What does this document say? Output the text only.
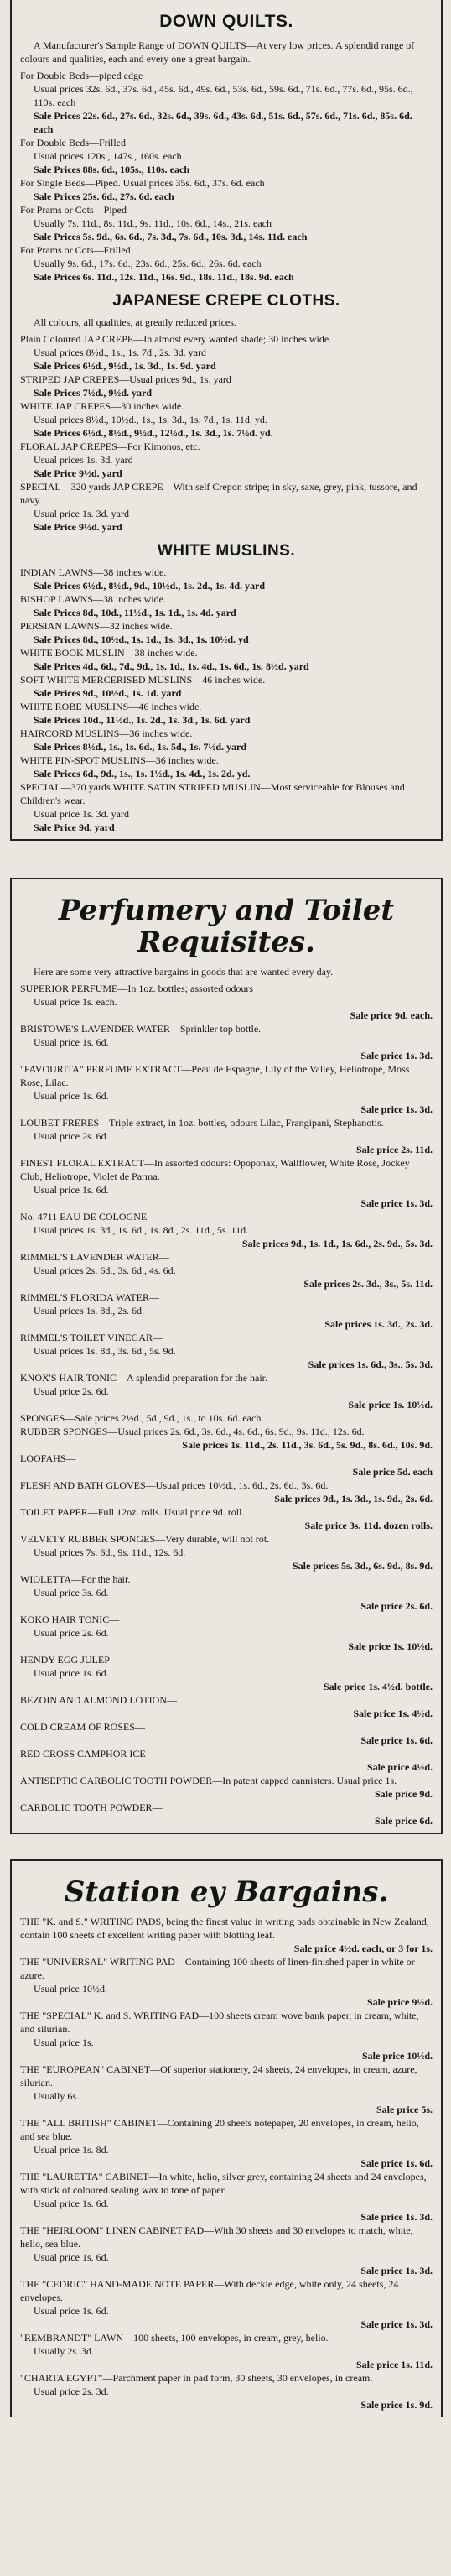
DOWN QUILTS.
A Manufacturer's Sample Range of DOWN QUILTS—At very low prices. A splendid range of colours and qualities, each and every one a great bargain.
For Double Beds—piped edge
Usual prices 32s. 6d., 37s. 6d., 45s. 6d., 49s. 6d., 53s. 6d., 59s. 6d., 71s. 6d., 77s. 6d., 95s. 6d., 110s. each
Sale Prices 22s. 6d., 27s. 6d., 32s. 6d., 39s. 6d., 43s. 6d., 51s. 6d., 57s. 6d., 71s. 6d., 85s. 6d. each
For Double Beds—Frilled
Usual prices 120s., 147s., 160s. each
Sale Prices 88s. 6d., 105s., 110s. each
For Single Beds—Piped. Usual prices 35s. 6d., 37s. 6d. each
Sale Prices 25s. 6d., 27s. 6d. each
For Prams or Cots—Piped
Usually 7s. 11d., 8s. 11d., 9s. 11d., 10s. 6d., 14s., 21s. each
Sale Prices 5s. 9d., 6s. 6d., 7s. 3d., 7s. 6d., 10s. 3d., 14s. 11d. each
For Prams or Cots—Frilled
Usually 9s. 6d., 17s. 6d., 23s. 6d., 25s. 6d., 26s. 6d. each
Sale Prices 6s. 11d., 12s. 11d., 16s. 9d., 18s. 11d., 18s. 9d. each
JAPANESE CREPE CLOTHS.
All colours, all qualities, at greatly reduced prices.
Plain Coloured JAP CREPE—In almost every wanted shade; 30 inches wide.
Usual prices 8½d., 1s., 1s. 7d., 2s. 3d. yard
Sale Prices 6½d., 9½d., 1s. 3d., 1s. 9d. yard
STRIPED JAP CREPES—Usual prices 9d., 1s. yard
Sale Prices 7½d., 9½d. yard
WHITE JAP CREPES—30 inches wide.
Usual prices 8½d., 10½d., 1s., 1s. 3d., 1s. 7d., 1s. 11d. yd.
Sale Prices 6½d., 8½d., 9½d., 12½d., 1s. 3d., 1s. 7½d. yd.
FLORAL JAP CREPES—For Kimonos, etc.
Usual prices 1s. 3d. yard
Sale Price 9½d. yard
SPECIAL—320 yards JAP CREPE—With self Crepon stripe; in sky, saxe, grey, pink, tussore, and navy.
Usual price 1s. 3d. yard
Sale Price 9½d. yard
WHITE MUSLINS.
INDIAN LAWNS—38 inches wide.
Sale Prices 6½d., 8½d., 9d., 10½d., 1s. 2d., 1s. 4d. yard
BISHOP LAWNS—38 inches wide.
Sale Prices 8d., 10d., 11½d., 1s. 1d., 1s. 4d. yard
PERSIAN LAWNS—32 inches wide.
Sale Prices 8d., 10½d., 1s. 1d., 1s. 3d., 1s. 10½d. yd
WHITE BOOK MUSLIN—38 inches wide.
Sale Prices 4d., 6d., 7d., 9d., 1s. 1d., 1s. 4d., 1s. 6d., 1s. 8½d. yard
SOFT WHITE MERCERISED MUSLINS—46 inches wide.
Sale Prices 9d., 10½d., 1s. 1d. yard
WHITE ROBE MUSLINS—46 inches wide.
Sale Prices 10d., 11½d., 1s. 2d., 1s. 3d., 1s. 6d. yard
HAIRCORD MUSLINS—36 inches wide.
Sale Prices 8½d., 1s., 1s. 6d., 1s. 5d., 1s. 7½d. yard
WHITE PIN-SPOT MUSLINS—36 inches wide.
Sale Prices 6d., 9d., 1s., 1s. 1½d., 1s. 4d., 1s. 2d. yd.
SPECIAL—370 yards WHITE SATIN STRIPED MUSLIN—Most serviceable for Blouses and Children's wear.
Usual price 1s. 3d. yard
Sale Price 9d. yard
Perfumery and Toilet Requisites.
Here are some very attractive bargains in goods that are wanted every day.
SUPERIOR PERFUME—In 1oz. bottles; assorted odours
Usual price 1s. each.
Sale price 9d. each.
BRISTOWE'S LAVENDER WATER—Sprinkler top bottle.
Usual price 1s. 6d.
Sale price 1s. 3d.
"FAVOURITA" PERFUME EXTRACT—Peau de Espagne, Lily of the Valley, Heliotrope, Moss Rose, Lilac.
Usual price 1s. 6d.
Sale price 1s. 3d.
LOUBET FRERES—Triple extract, in 1oz. bottles, odours Lilac, Frangipani, Stephanotis.
Usual price 2s. 6d.
Sale price 2s. 11d.
FINEST FLORAL EXTRACT—In assorted odours: Opoponax, Wallflower, White Rose, Jockey Club, Heliotrope, Violet de Parma.
Usual price 1s. 6d.
Sale price 1s. 3d.
No. 4711 EAU DE COLOGNE—
Usual prices 1s. 3d., 1s. 6d., 1s. 8d., 2s. 11d., 5s. 11d.
Sale prices 9d., 1s. 1d., 1s. 6d., 2s. 9d., 5s. 3d.
RIMMEL'S LAVENDER WATER—
Usual prices 2s. 6d., 3s. 6d., 4s. 6d.
Sale prices 2s. 3d., 3s., 5s. 11d.
RIMMEL'S FLORIDA WATER—
Usual prices 1s. 8d., 2s. 6d.
Sale prices 1s. 3d., 2s. 3d.
RIMMEL'S TOILET VINEGAR—
Usual prices 1s. 8d., 3s. 6d., 5s. 9d.
Sale prices 1s. 6d., 3s., 5s. 3d.
KNOX'S HAIR TONIC—A splendid preparation for the hair.
Usual price 2s. 6d.
Sale price 1s. 10½d.
SPONGES—Sale prices 2½d., 5d., 9d., 1s., to 10s. 6d. each.
RUBBER SPONGES—Usual prices 2s. 6d., 3s. 6d., 4s. 6d., 6s. 9d., 9s. 11d., 12s. 6d.
Sale prices 1s. 11d., 2s. 11d., 3s. 6d., 5s. 9d., 8s. 6d., 10s. 9d.
LOOFAHS—
Sale price 5d. each
FLESH AND BATH GLOVES—Usual prices 10½d., 1s. 6d., 2s. 6d., 3s. 6d.
Sale prices 9d., 1s. 3d., 1s. 9d., 2s. 6d.
TOILET PAPER—Full 12oz. rolls. Usual price 9d. roll.
Sale price 3s. 11d. dozen rolls.
VELVETY RUBBER SPONGES—Very durable, will not rot.
Usual prices 7s. 6d., 9s. 11d., 12s. 6d.
Sale prices 5s. 3d., 6s. 9d., 8s. 9d.
WIOLETTA—For the hair.
Usual price 3s. 6d.
Sale price 2s. 6d.
KOKO HAIR TONIC—
Usual price 2s. 6d.
Sale price 1s. 10½d.
HENDY EGG JULEP—
Usual price 1s. 6d.
Sale price 1s. 4½d. bottle.
BEZOIN AND ALMOND LOTION—
Sale price 1s. 4½d.
COLD CREAM OF ROSES—
Sale price 1s. 6d.
RED CROSS CAMPHOR ICE—
Sale price 4½d.
ANTISEPTIC CARBOLIC TOOTH POWDER—In patent capped cannisters. Usual price 1s.
Sale price 9d.
CARBOLIC TOOTH POWDER—
Sale price 6d.
Station ey Bargains.
THE "K. and S." WRITING PADS, being the finest value in writing pads obtainable in New Zealand, contain 100 sheets of excellent writing paper with blotting leaf.
Sale price 4½d. each, or 3 for 1s.
THE "UNIVERSAL" WRITING PAD—Containing 100 sheets of linen-finished paper in white or azure.
Usual price 10½d.
Sale price 9½d.
THE "SPECIAL" K. and S. WRITING PAD—100 sheets cream wove bank paper, in cream, white, and silurian.
Usual price 1s.
Sale price 10½d.
THE "EUROPEAN" CABINET—Of superior stationery, 24 sheets, 24 envelopes, in cream, azure, silurian.
Usually 6s.
Sale price 5s.
THE "ALL BRITISH" CABINET—Containing 20 sheets notepaper, 20 envelopes, in cream, helio, and sea blue.
Usual price 1s. 8d.
Sale price 1s. 6d.
THE "LAURETTA" CABINET—In white, helio, silver grey, containing 24 sheets and 24 envelopes, with stick of coloured sealing wax to tone of paper.
Usual price 1s. 6d.
Sale price 1s. 3d.
THE "HEIRLOOM" LINEN CABINET PAD—With 30 sheets and 30 envelopes to match, white, helio, sea blue.
Usual price 1s. 6d.
Sale price 1s. 3d.
THE "CEDRIC" HAND-MADE NOTE PAPER—With deckle edge, white only, 24 sheets, 24 envelopes.
Usual price 1s. 6d.
Sale price 1s. 3d.
"REMBRANDT" LAWN—100 sheets, 100 envelopes, in cream, grey, helio.
Usually 2s. 3d.
Sale price 1s. 11d.
"CHARTA EGYPT"—Parchment paper in pad form, 30 sheets, 30 envelopes, in cream.
Usual price 2s. 3d.
Sale price 1s. 9d.
